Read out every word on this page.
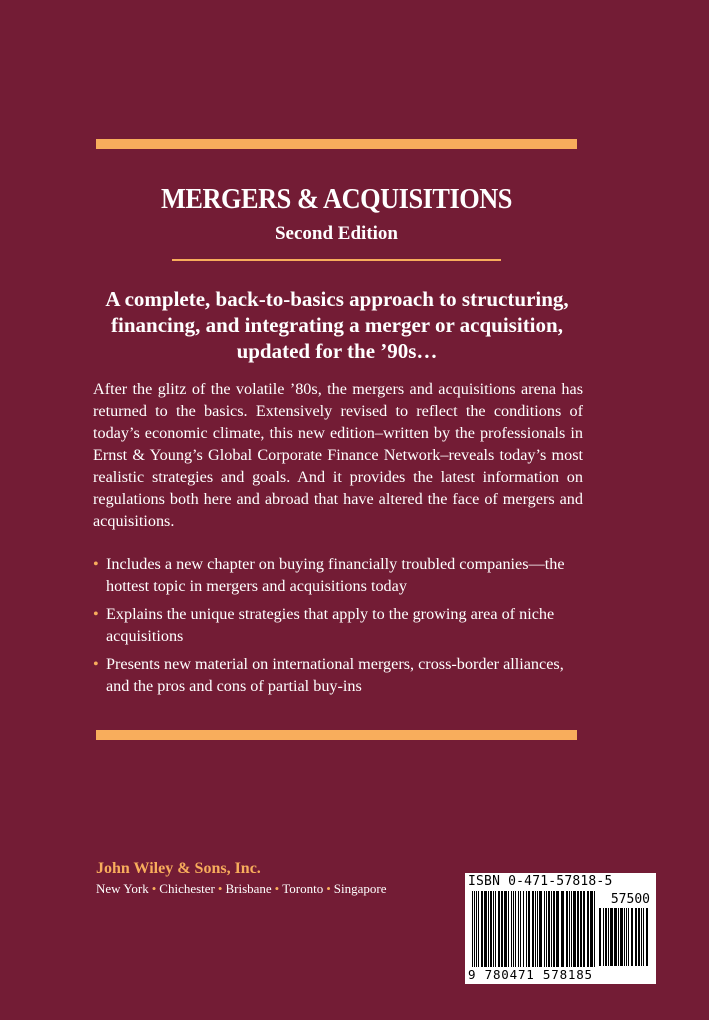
MERGERS & ACQUISITIONS
Second Edition
A complete, back-to-basics approach to structuring, financing, and integrating a merger or acquisition, updated for the ’90s…
After the glitz of the volatile ’80s, the mergers and acquisitions arena has returned to the basics. Extensively revised to reflect the conditions of today’s economic climate, this new edition–written by the professionals in Ernst & Young’s Global Corporate Finance Network–reveals today’s most realistic strategies and goals. And it provides the latest information on regulations both here and abroad that have altered the face of mergers and acquisitions.
• Includes a new chapter on buying financially troubled companies—the hottest topic in mergers and acquisitions today
• Explains the unique strategies that apply to the growing area of niche acquisitions
• Presents new material on international mergers, cross-border alliances, and the pros and cons of partial buy-ins
John Wiley & Sons, Inc.
New York • Chichester • Brisbane • Toronto • Singapore	ISBN 0-471-57818-5
57500
9 780471 578185
